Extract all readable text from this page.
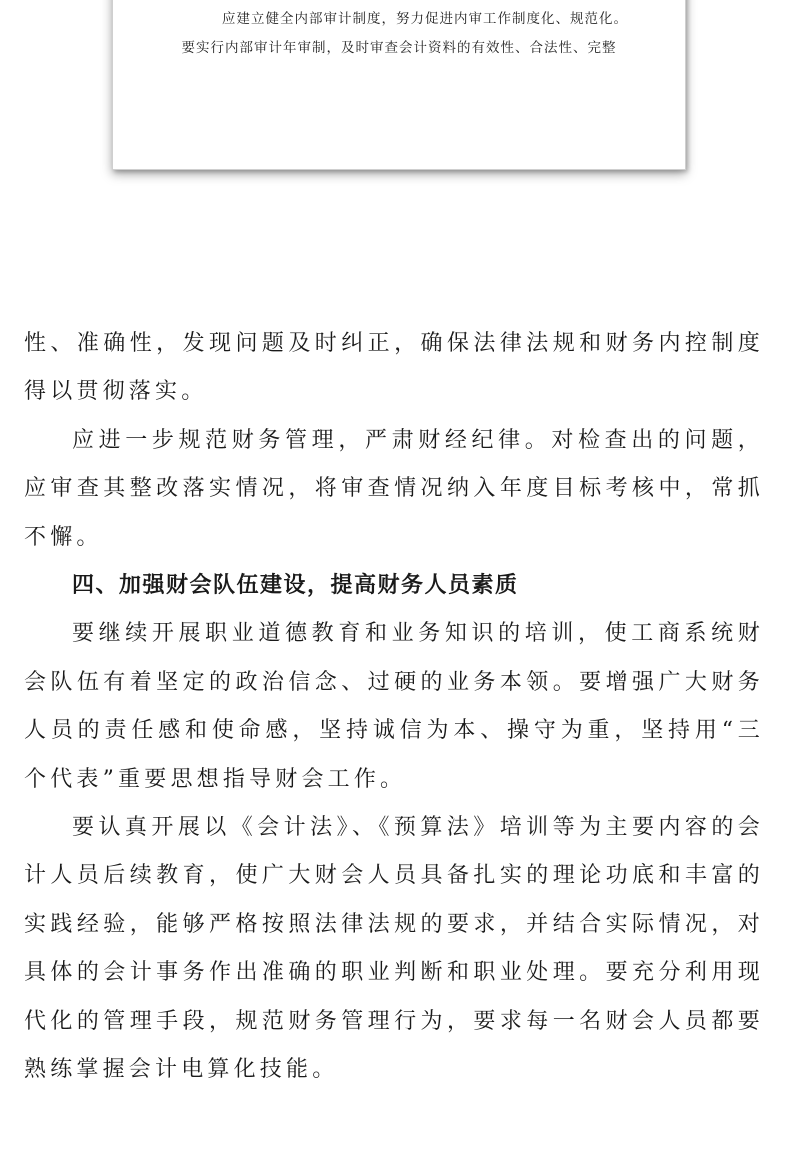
应建立健全内部审计制度，努力促进内审工作制度化、规范化。
要实行内部审计年审制，及时审查会计资料的有效性、合法性、完整

性、准确性，发现问题及时纠正，确保法律法规和财务内控制度得以贯彻落实。

应进一步规范财务管理，严肃财经纪律。对检查出的问题，应审查其整改落实情况，将审查情况纳入年度目标考核中，常抓不懈。

四、加强财会队伍建设，提高财务人员素质

要继续开展职业道德教育和业务知识的培训，使工商系统财会队伍有着坚定的政治信念、过硬的业务本领。要增强广大财务人员的责任感和使命感，坚持诚信为本、操守为重，坚持用“三个代表”重要思想指导财会工作。

要认真开展以《会计法》、《预算法》培训等为主要内容的会计人员后续教育，使广大财会人员具备扎实的理论功底和丰富的实践经验，能够严格按照法律法规的要求，并结合实际情况，对具体的会计事务作出准确的职业判断和职业处理。要充分利用现代化的管理手段，规范财务管理行为，要求每一名财会人员都要熟练掌握会计电算化技能。
